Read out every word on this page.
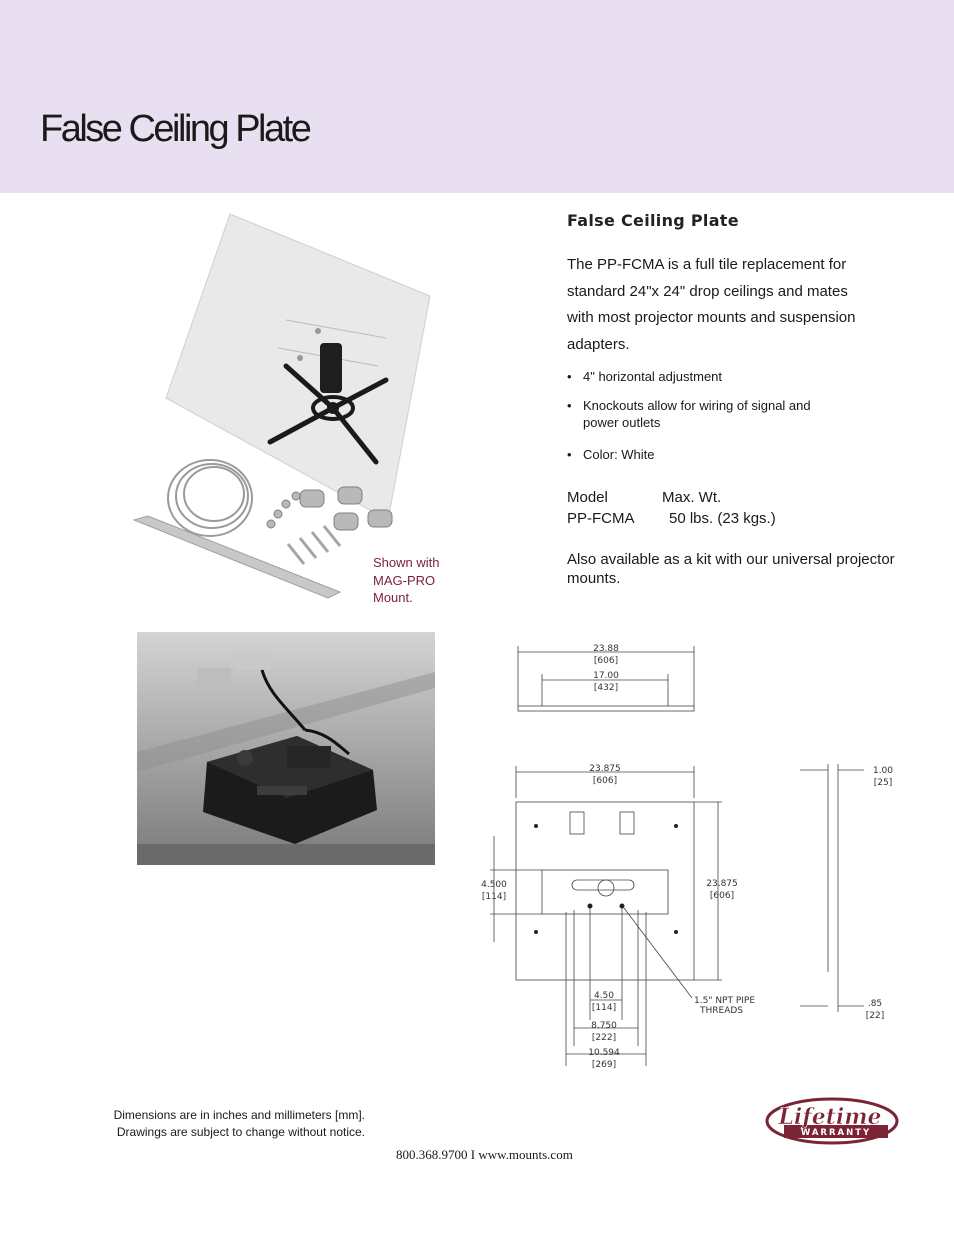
False Ceiling Plate
False Ceiling Plate

The PP-FCMA is a full tile replacement for standard 24"x 24" drop ceilings and mates with most projector mounts and suspension adapters.

• 4" horizontal adjustment
• Knockouts allow for wiring of signal and power outlets
• Color: White
Model	Max. Wt.
PP-FCMA	50 lbs. (23 kgs.)

Also available as a kit with our universal projector mounts.

Shown with MAG-PRO Mount.
23.88
[606]
17.00
[432]
23.875
[606]
23.875
[606]
4.500
[114]
1.00
[25]
.85
[22]
1.5" NPT PIPE
THREADS
4.50
[114]
8.750
[222]
10.594
[269]
Dimensions are in inches and millimeters [mm].
Drawings are subject to change without notice.
800.368.9700 I www.mounts.com
Lifetime
WARRANTY
